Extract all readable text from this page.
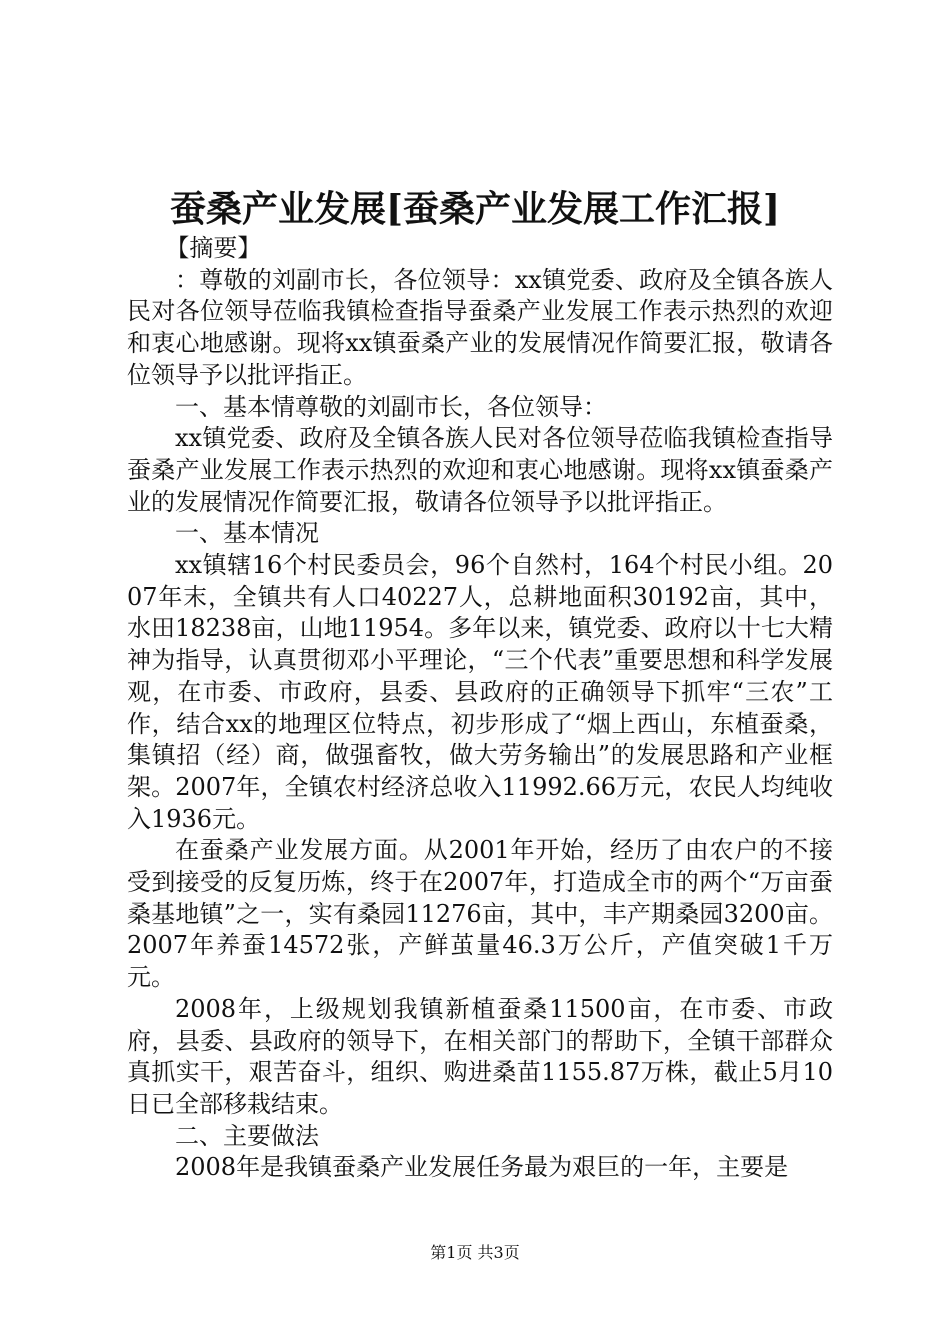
蚕桑产业发展[蚕桑产业发展工作汇报]

【摘要】

：尊敬的刘副市长，各位领导：xx镇党委、政府及全镇各族人民对各位领导莅临我镇检查指导蚕桑产业发展工作表示热烈的欢迎和衷心地感谢。现将xx镇蚕桑产业的发展情况作简要汇报，敬请各位领导予以批评指正。

一、基本情尊敬的刘副市长，各位领导：

xx镇党委、政府及全镇各族人民对各位领导莅临我镇检查指导蚕桑产业发展工作表示热烈的欢迎和衷心地感谢。现将xx镇蚕桑产业的发展情况作简要汇报，敬请各位领导予以批评指正。

一、基本情况

xx镇辖16个村民委员会，96个自然村，164个村民小组。2007年末，全镇共有人口40227人，总耕地面积30192亩，其中，水田18238亩，山地11954。多年以来，镇党委、政府以十七大精神为指导，认真贯彻邓小平理论，“三个代表”重要思想和科学发展观，在市委、市政府，县委、县政府的正确领导下抓牢“三农”工作，结合xx的地理区位特点，初步形成了“烟上西山，东植蚕桑，集镇招（经）商，做强畜牧，做大劳务输出”的发展思路和产业框架。2007年，全镇农村经济总收入11992.66万元，农民人均纯收入1936元。

在蚕桑产业发展方面。从2001年开始，经历了由农户的不接受到接受的反复历炼，终于在2007年，打造成全市的两个“万亩蚕桑基地镇”之一，实有桑园11276亩，其中，丰产期桑园3200亩。2007年养蚕14572张，产鲜茧量46.3万公斤，产值突破1千万元。

2008年，上级规划我镇新植蚕桑11500亩，在市委、市政府，县委、县政府的领导下，在相关部门的帮助下，全镇干部群众真抓实干，艰苦奋斗，组织、购进桑苗1155.87万株，截止5月10日已全部移栽结束。

二、主要做法

2008年是我镇蚕桑产业发展任务最为艰巨的一年，主要是

第1页 共3页
